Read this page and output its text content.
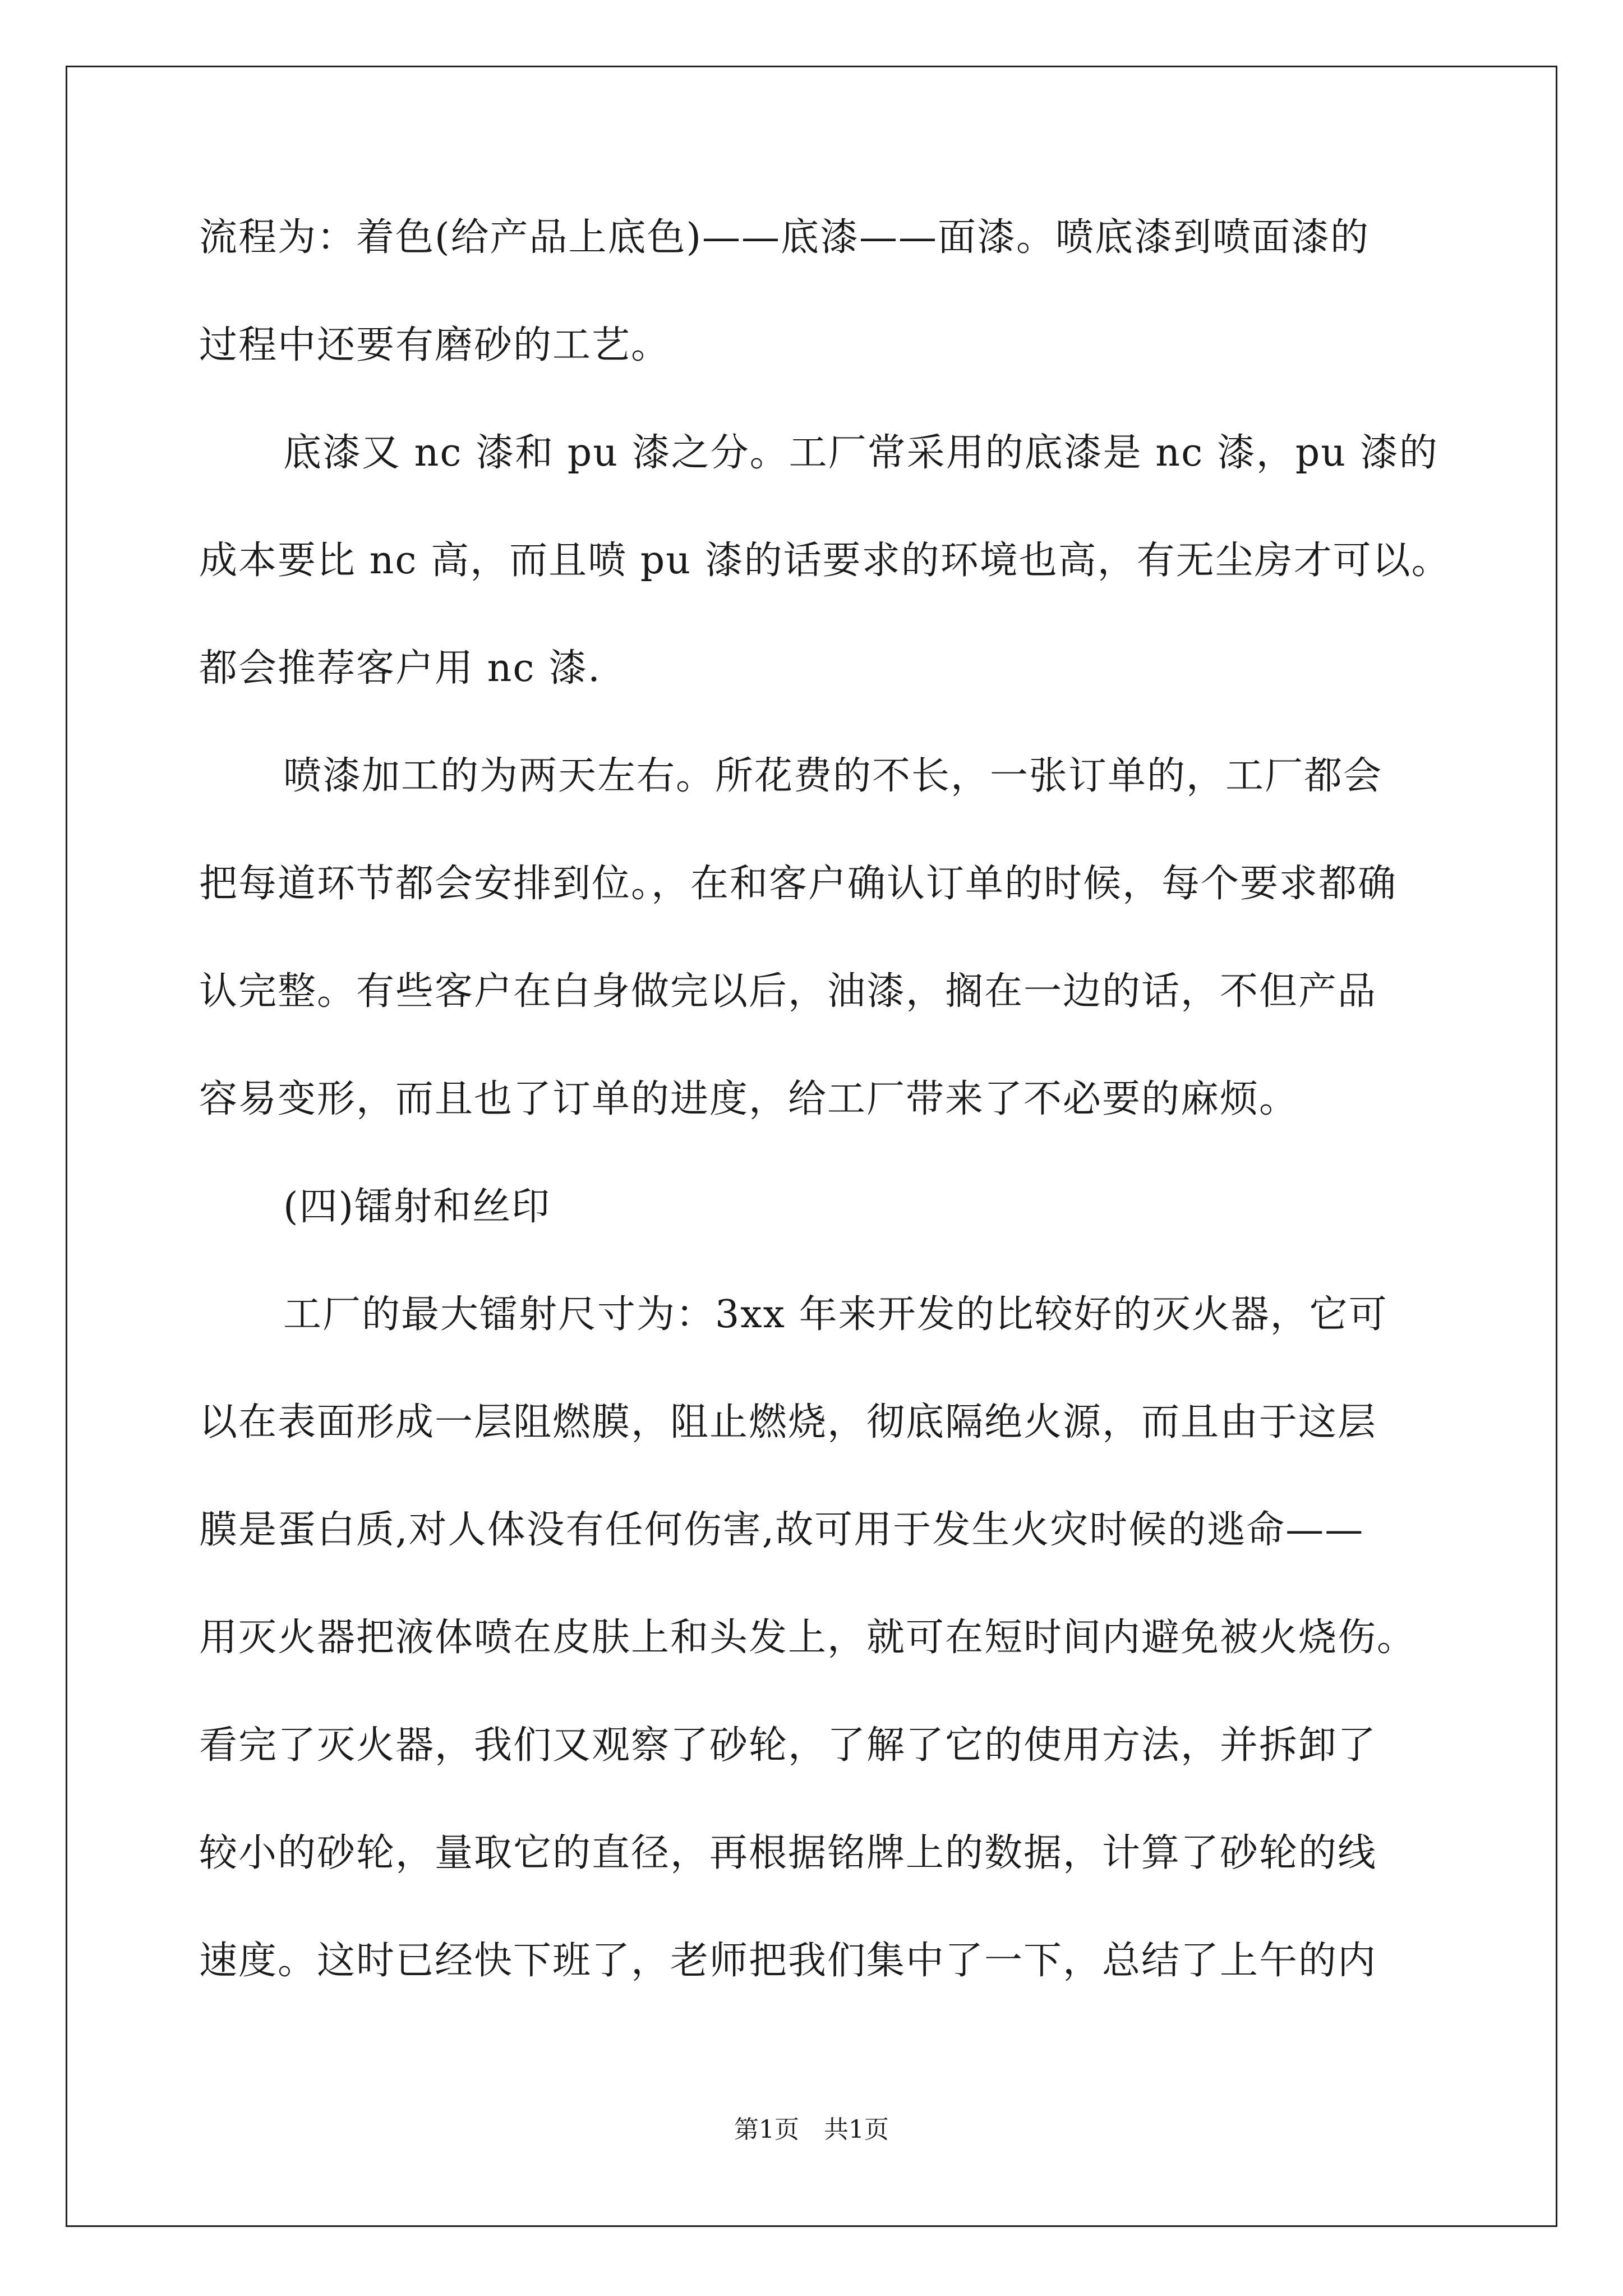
流程为：着色(给产品上底色)——底漆——面漆。喷底漆到喷面漆的
过程中还要有磨砂的工艺。
底漆又 nc 漆和 pu 漆之分。工厂常采用的底漆是 nc 漆，pu 漆的
成本要比 nc 高，而且喷 pu 漆的话要求的环境也高，有无尘房才可以。
都会推荐客户用 nc 漆.
喷漆加工的为两天左右。所花费的不长，一张订单的，工厂都会
把每道环节都会安排到位。，在和客户确认订单的时候，每个要求都确
认完整。有些客户在白身做完以后，油漆，搁在一边的话，不但产品
容易变形，而且也了订单的进度，给工厂带来了不必要的麻烦。
(四)镭射和丝印
工厂的最大镭射尺寸为：3xx 年来开发的比较好的灭火器，它可
以在表面形成一层阻燃膜，阻止燃烧，彻底隔绝火源，而且由于这层
膜是蛋白质,对人体没有任何伤害,故可用于发生火灾时候的逃命——
用灭火器把液体喷在皮肤上和头发上，就可在短时间内避免被火烧伤。
看完了灭火器，我们又观察了砂轮，了解了它的使用方法，并拆卸了
较小的砂轮，量取它的直径，再根据铭牌上的数据，计算了砂轮的线
速度。这时已经快下班了，老师把我们集中了一下，总结了上午的内
第1页　共1页
